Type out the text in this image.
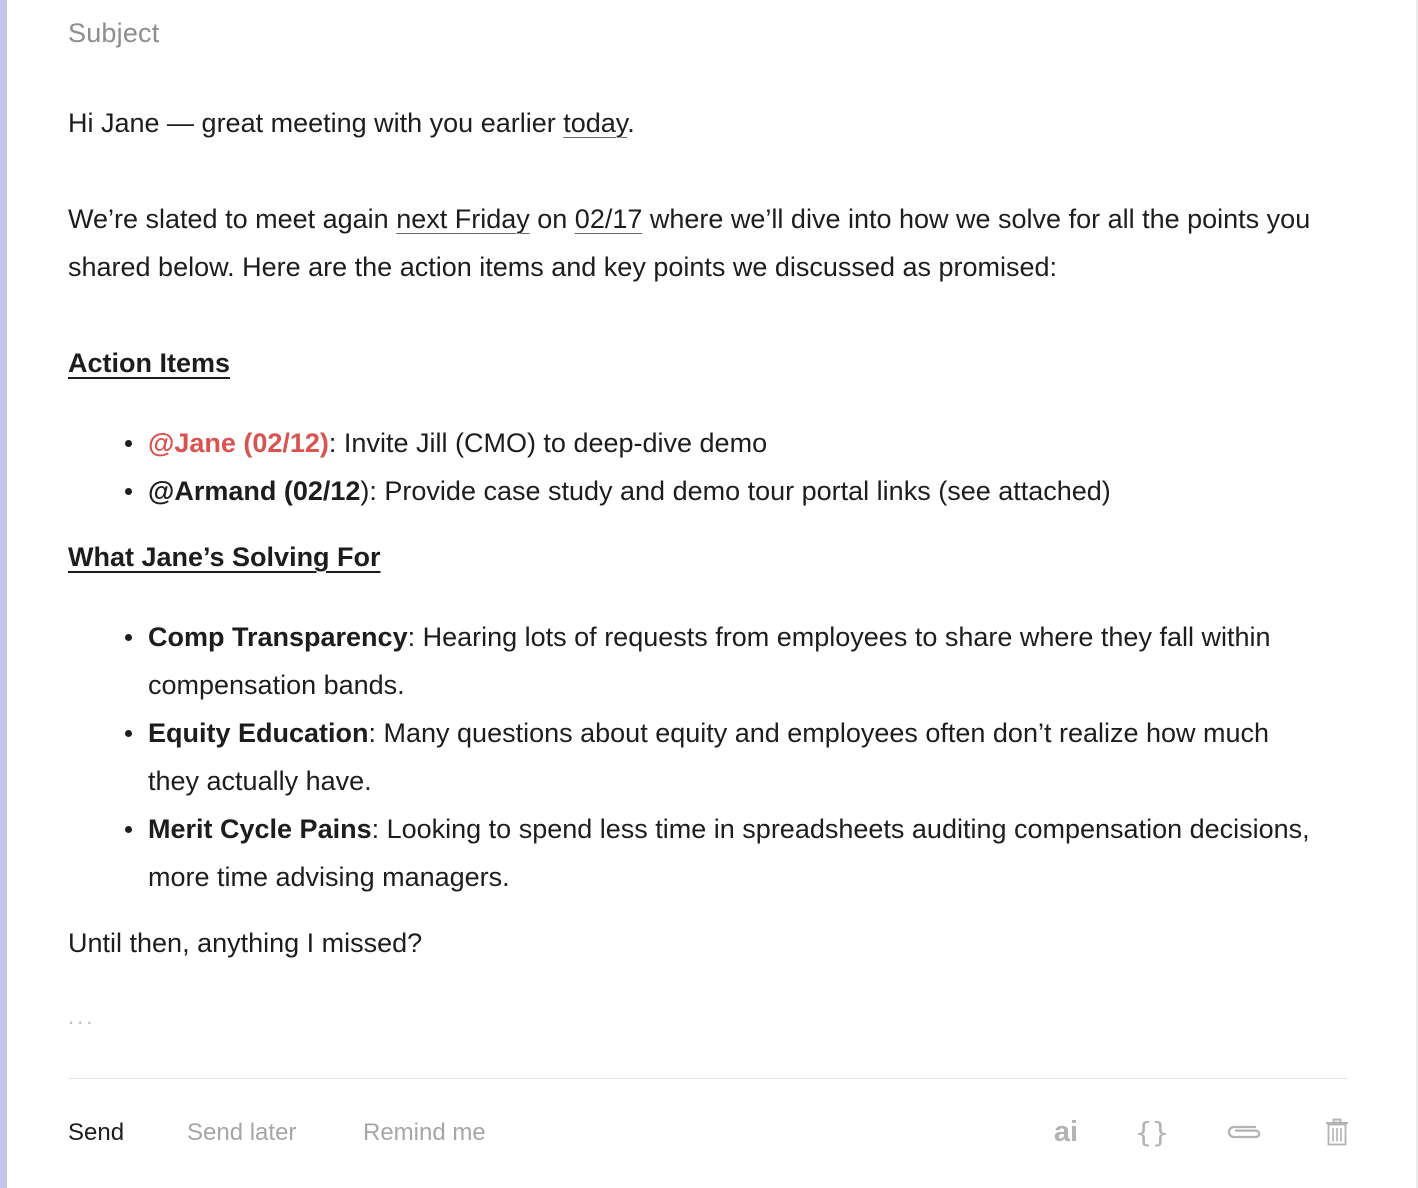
Subject

Hi Jane — great meeting with you earlier today.

We’re slated to meet again next Friday on 02/17 where we’ll dive into how we solve for all the points you shared below. Here are the action items and key points we discussed as promised:

Action Items

@Jane (02/12): Invite Jill (CMO) to deep-dive demo
@Armand (02/12): Provide case study and demo tour portal links (see attached)

What Jane’s Solving For

Comp Transparency: Hearing lots of requests from employees to share where they fall within compensation bands.
Equity Education: Many questions about equity and employees often don’t realize how much they actually have.
Merit Cycle Pains: Looking to spend less time in spreadsheets auditing compensation decisions, more time advising managers.

Until then, anything I missed?

...
Send	Send later	Remind me	ai {}
